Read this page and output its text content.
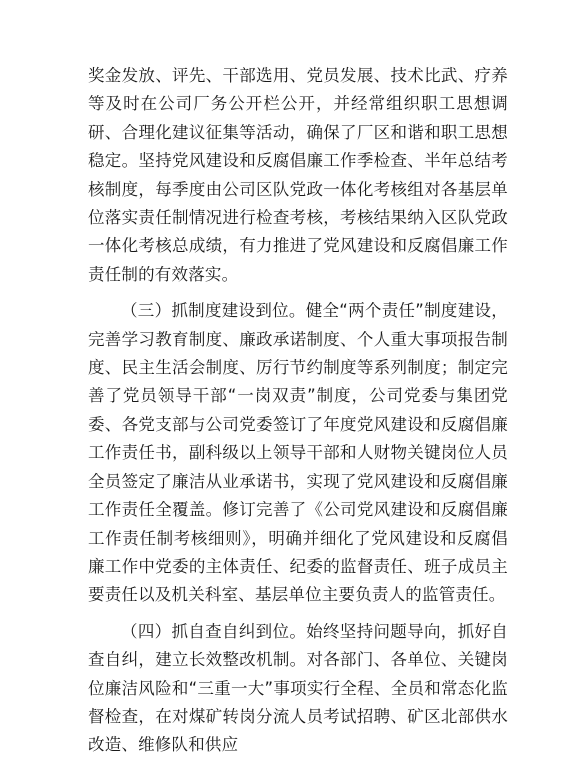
奖金发放、评先、干部选用、党员发展、技术比武、疗养等及时在公司厂务公开栏公开，并经常组织职工思想调研、合理化建议征集等活动，确保了厂区和谐和职工思想稳定。坚持党风建设和反腐倡廉工作季检查、半年总结考核制度，每季度由公司区队党政一体化考核组对各基层单位落实责任制情况进行检查考核，考核结果纳入区队党政一体化考核总成绩，有力推进了党风建设和反腐倡廉工作责任制的有效落实。

（三）抓制度建设到位。健全“两个责任”制度建设，完善学习教育制度、廉政承诺制度、个人重大事项报告制度、民主生活会制度、厉行节约制度等系列制度；制定完善了党员领导干部“一岗双责”制度，公司党委与集团党委、各党支部与公司党委签订了年度党风建设和反腐倡廉工作责任书，副科级以上领导干部和人财物关键岗位人员全员签定了廉洁从业承诺书，实现了党风建设和反腐倡廉工作责任全覆盖。修订完善了《公司党风建设和反腐倡廉工作责任制考核细则》，明确并细化了党风建设和反腐倡廉工作中党委的主体责任、纪委的监督责任、班子成员主要责任以及机关科室、基层单位主要负责人的监管责任。

（四）抓自查自纠到位。始终坚持问题导向，抓好自查自纠，建立长效整改机制。对各部门、各单位、关键岗位廉洁风险和“三重一大”事项实行全程、全员和常态化监督检查，在对煤矿转岗分流人员考试招聘、矿区北部供水改造、维修队和供应
